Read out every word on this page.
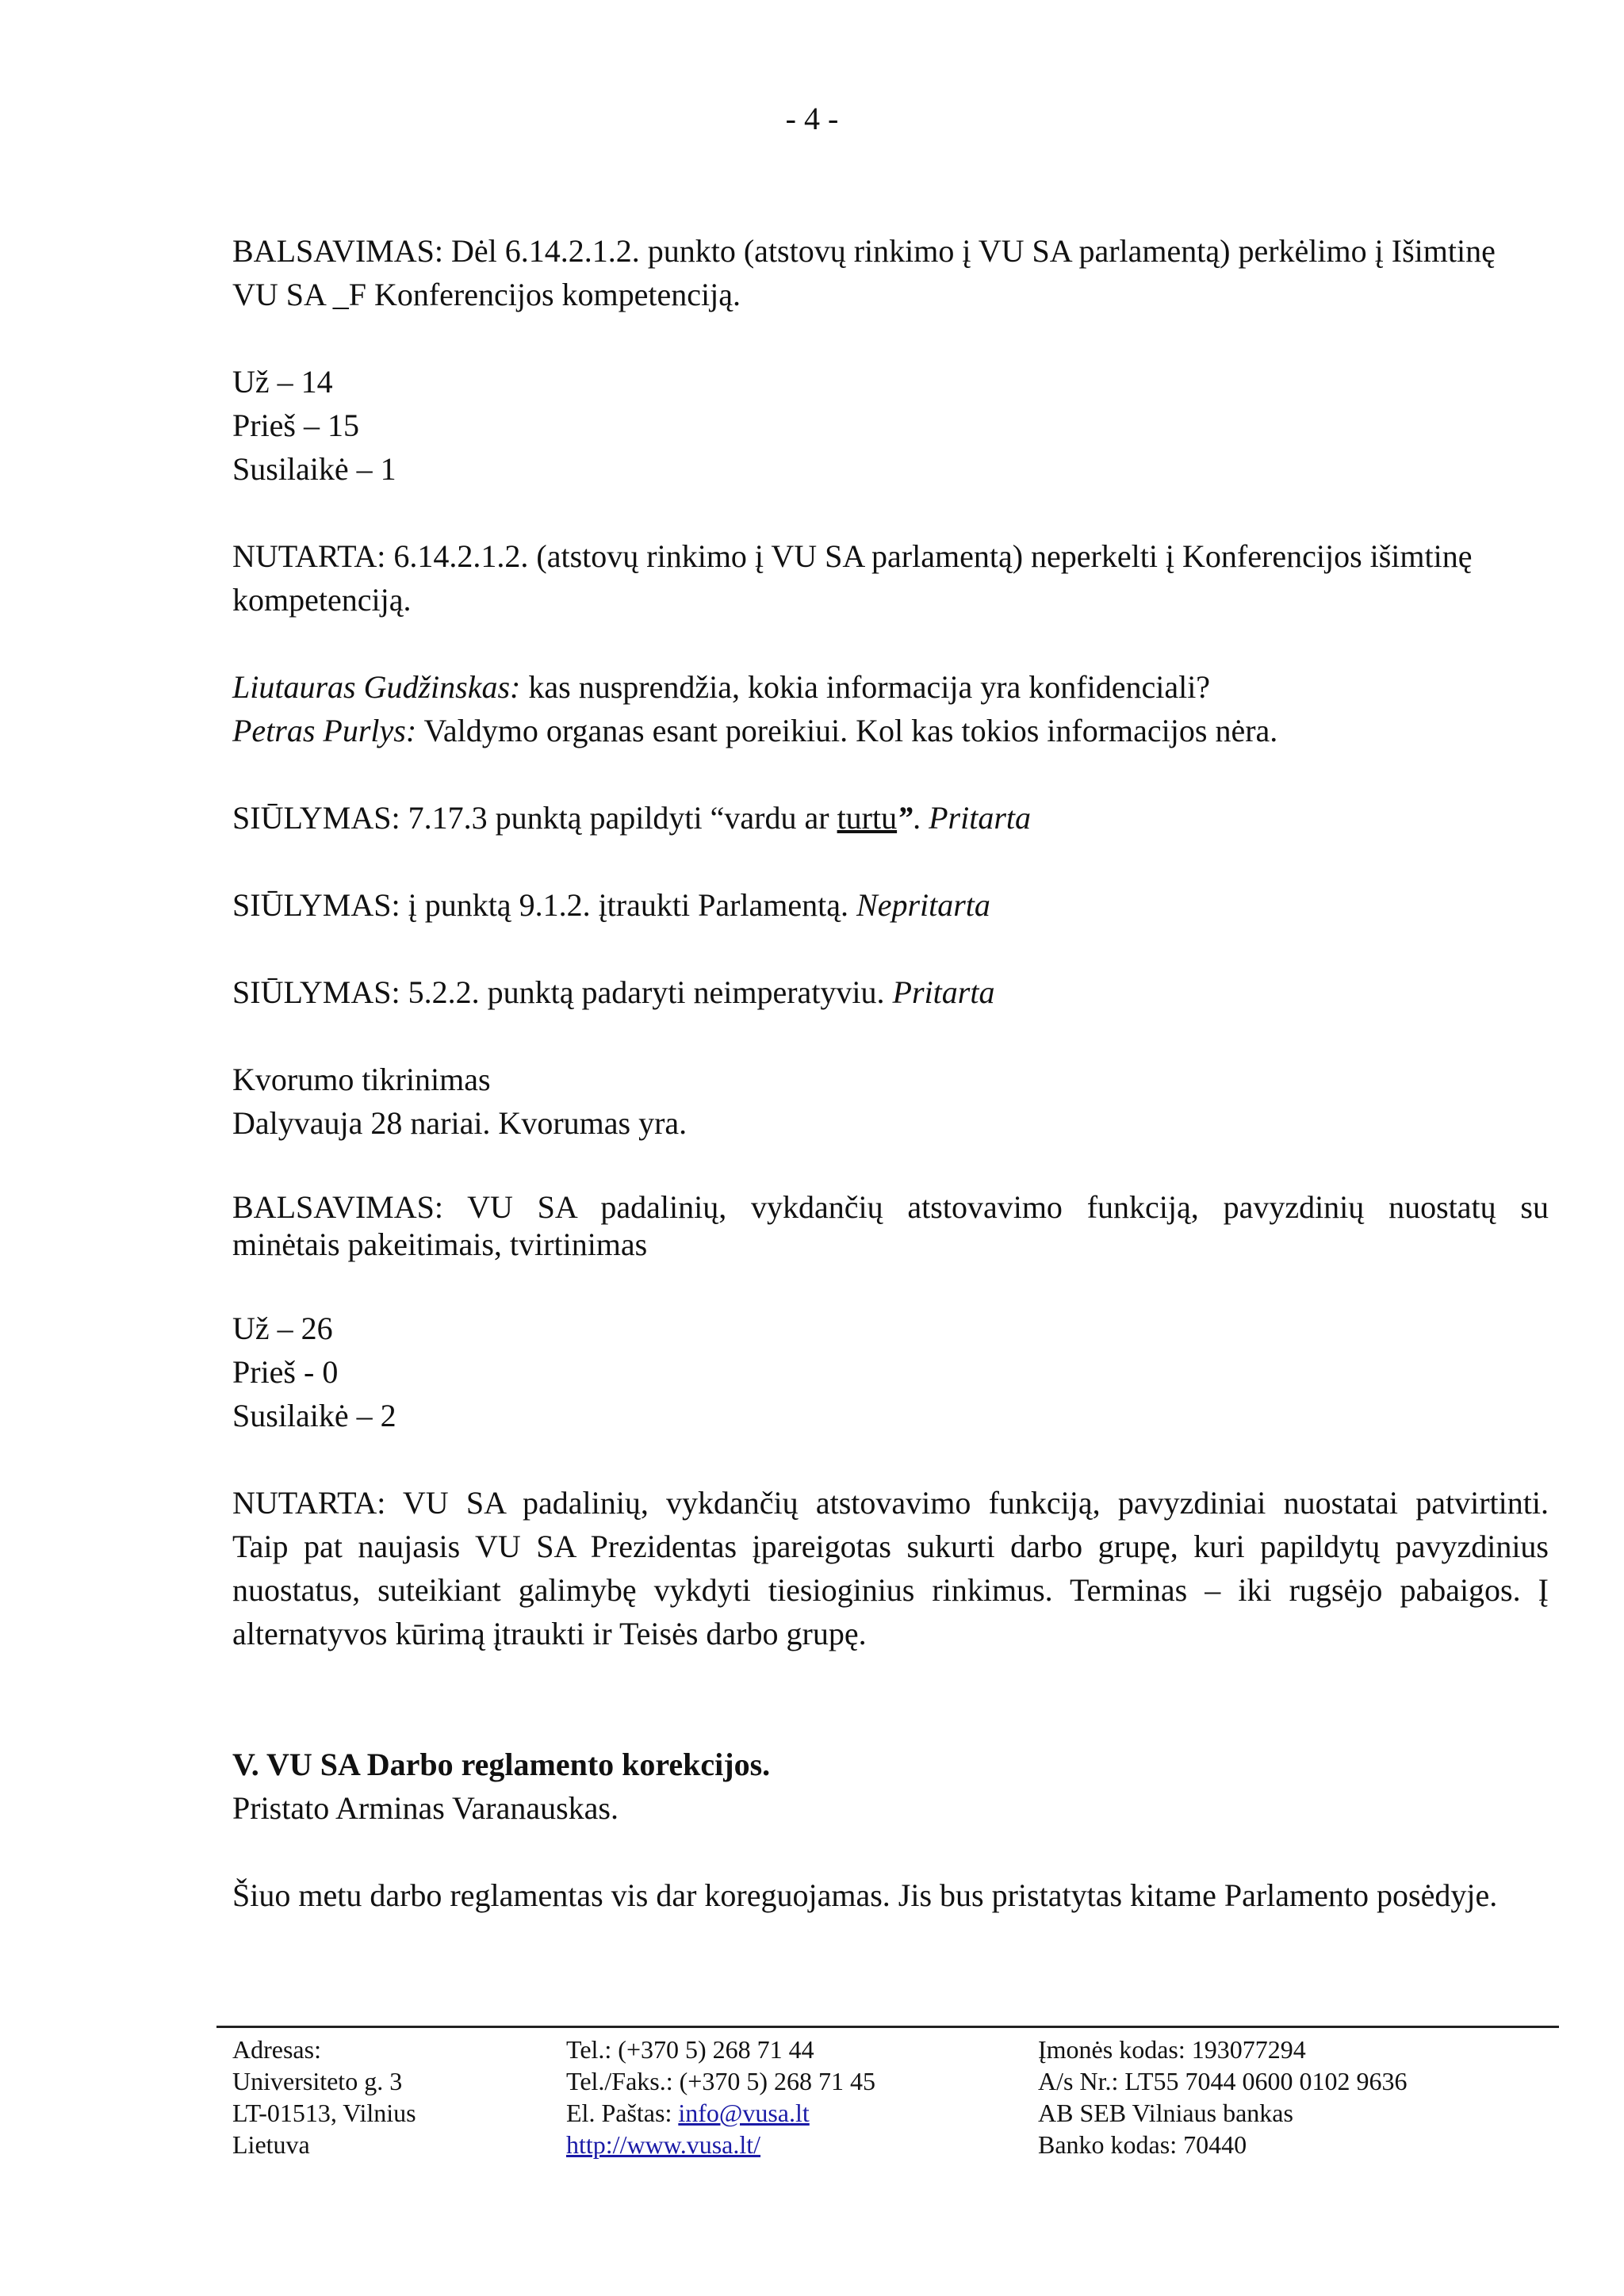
- 4 -

BALSAVIMAS: Dėl 6.14.2.1.2. punkto (atstovų rinkimo į VU SA parlamentą) perkėlimo į Išimtinę

VU SA _F Konferencijos kompetenciją.

Už – 14

Prieš – 15

Susilaikė – 1

NUTARTA: 6.14.2.1.2. (atstovų rinkimo į VU SA parlamentą) neperkelti į Konferencijos išimtinę

kompetenciją.

Liutauras Gudžinskas: kas nusprendžia, kokia informacija yra konfidenciali?

Petras Purlys: Valdymo organas esant poreikiui. Kol kas tokios informacijos nėra.

SIŪLYMAS: 7.17.3 punktą papildyti “vardu ar turtu”. Pritarta

SIŪLYMAS: į punktą 9.1.2. įtraukti Parlamentą. Nepritarta

SIŪLYMAS: 5.2.2. punktą padaryti neimperatyviu. Pritarta

Kvorumo tikrinimas

Dalyvauja 28 nariai. Kvorumas yra.

BALSAVIMAS: VU SA padalinių, vykdančių atstovavimo funkciją, pavyzdinių nuostatų su

minėtais pakeitimais, tvirtinimas

Už – 26

Prieš - 0

Susilaikė – 2

NUTARTA: VU SA padalinių, vykdančių atstovavimo funkciją, pavyzdiniai nuostatai patvirtinti.

Taip pat naujasis VU SA Prezidentas įpareigotas sukurti darbo grupę, kuri papildytų pavyzdinius

nuostatus, suteikiant galimybę vykdyti tiesioginius rinkimus. Terminas – iki rugsėjo pabaigos. Į

alternatyvos kūrimą įtraukti ir Teisės darbo grupę.

V. VU SA Darbo reglamento korekcijos.

Pristato Arminas Varanauskas.

Šiuo metu darbo reglamentas vis dar koreguojamas. Jis bus pristatytas kitame Parlamento posėdyje.

Adresas:
Universiteto g. 3
LT-01513, Vilnius
Lietuva
Tel.: (+370 5) 268 71 44
Tel./Faks.: (+370 5) 268 71 45
El. Paštas: info@vusa.lt
http://www.vusa.lt/
Įmonės kodas: 193077294
A/s Nr.: LT55 7044 0600 0102 9636
AB SEB Vilniaus bankas
Banko kodas: 70440
